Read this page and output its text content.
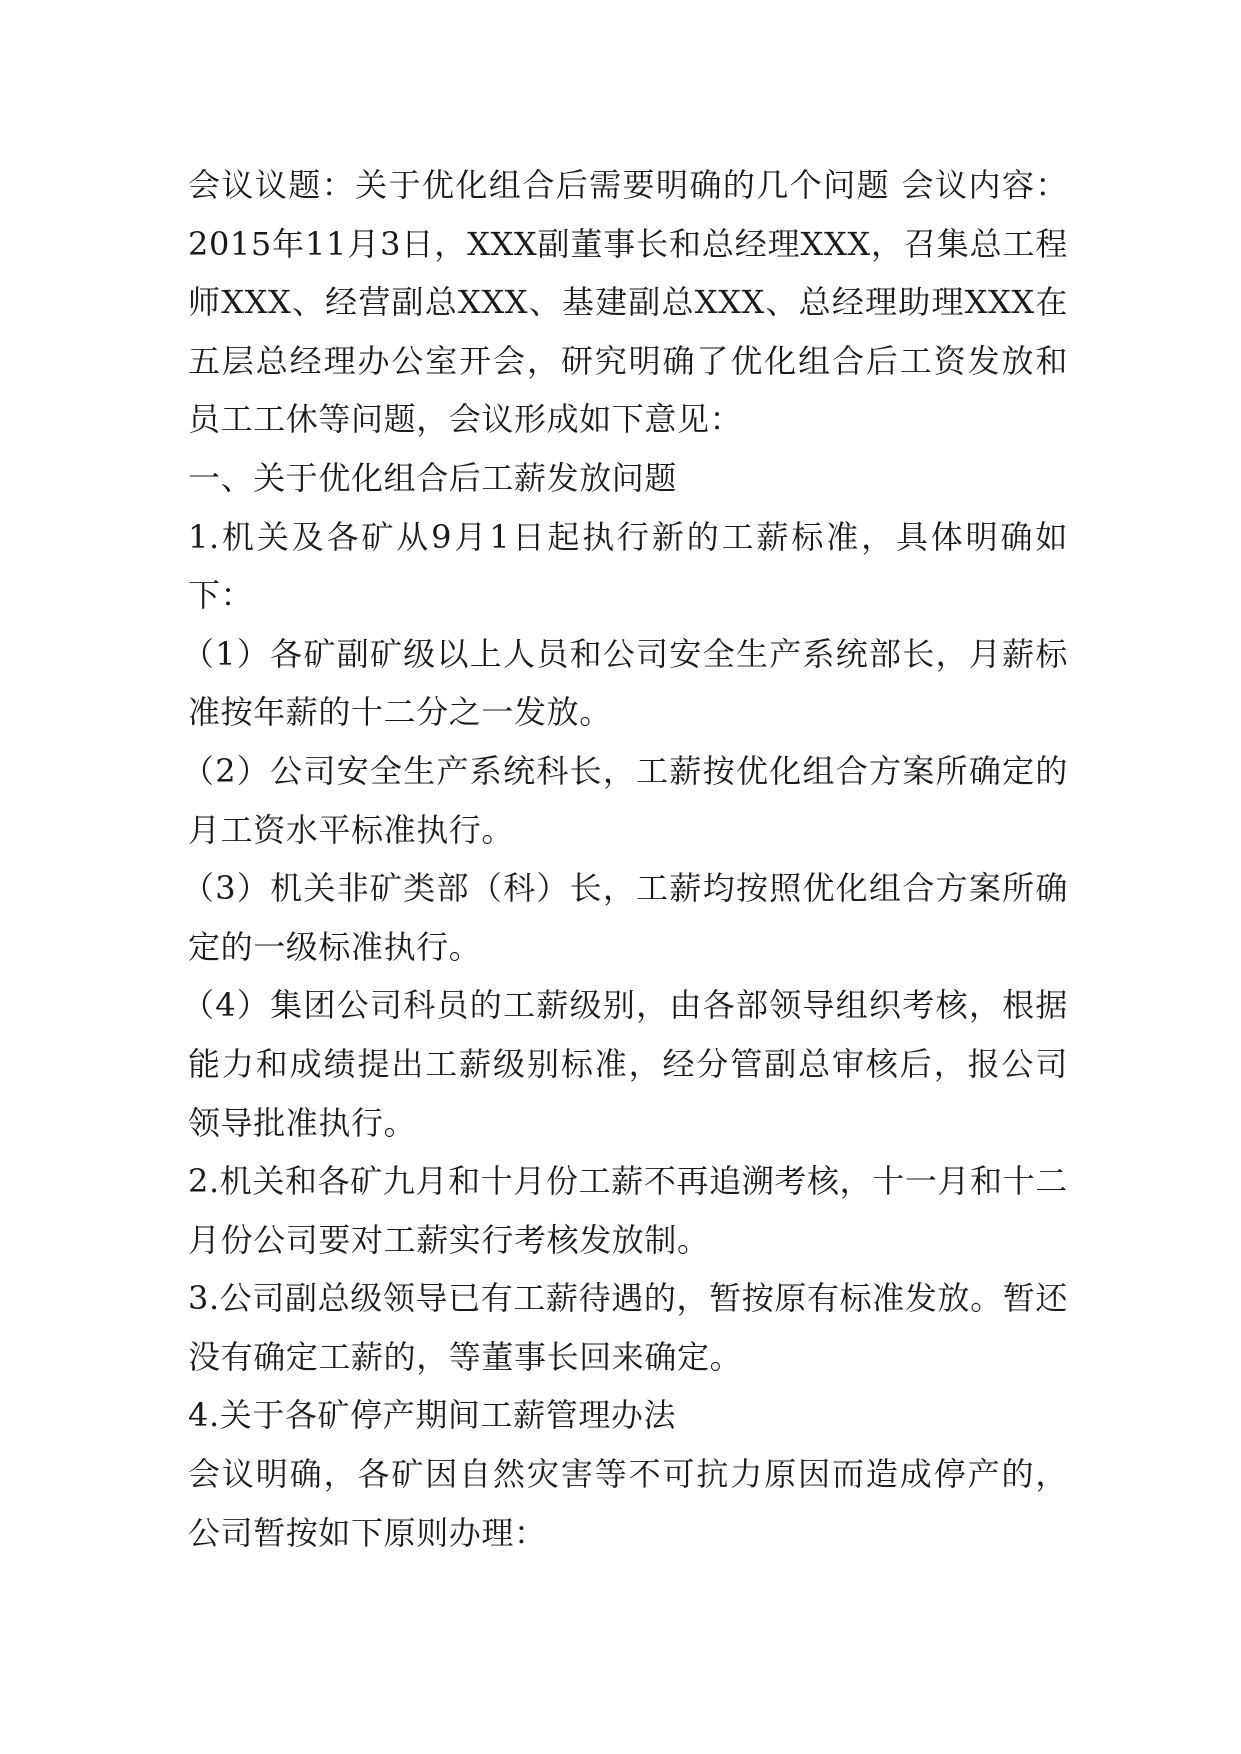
会议议题：关于优化组合后需要明确的几个问题 会议内容：2015年11月3日，XXX副董事长和总经理XXX，召集总工程师XXX、经营副总XXX、基建副总XXX、总经理助理XXX在五层总经理办公室开会，研究明确了优化组合后工资发放和员工工休等问题，会议形成如下意见：

一、关于优化组合后工薪发放问题

1.机关及各矿从9月1日起执行新的工薪标准，具体明确如下：

（1）各矿副矿级以上人员和公司安全生产系统部长，月薪标准按年薪的十二分之一发放。

（2）公司安全生产系统科长，工薪按优化组合方案所确定的月工资水平标准执行。

（3）机关非矿类部（科）长，工薪均按照优化组合方案所确定的一级标准执行。

（4）集团公司科员的工薪级别，由各部领导组织考核，根据能力和成绩提出工薪级别标准，经分管副总审核后，报公司领导批准执行。

2.机关和各矿九月和十月份工薪不再追溯考核，十一月和十二月份公司要对工薪实行考核发放制。

3.公司副总级领导已有工薪待遇的，暂按原有标准发放。暂还没有确定工薪的，等董事长回来确定。

4.关于各矿停产期间工薪管理办法

会议明确，各矿因自然灾害等不可抗力原因而造成停产的，公司暂按如下原则办理：
